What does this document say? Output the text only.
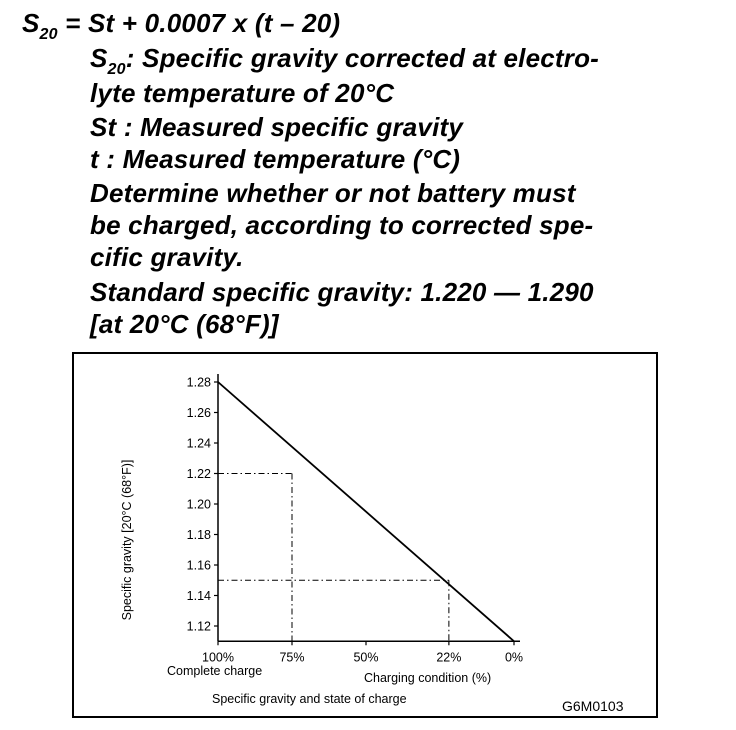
$S_{20} = St + 0.0007$ x (t – 20)
$S_{20}$: Specific gravity corrected at electro-
lyte temperature of 20°C
St : Measured specific gravity
t : Measured temperature (°C)
Determine whether or not battery must
be charged, according to corrected spe-
cific gravity.
Standard specific gravity: 1.220 — 1.290
[at 20°C (68°F)]
Specific gravity [20°C (68°F)]
Charging condition (%)
Complete charge
Specific gravity and state of charge	G6M0103
1.28
1.26
1.24
1.22
1.20
1.18
1.16
1.14
1.12
100%	75%	50%	22%	0%
